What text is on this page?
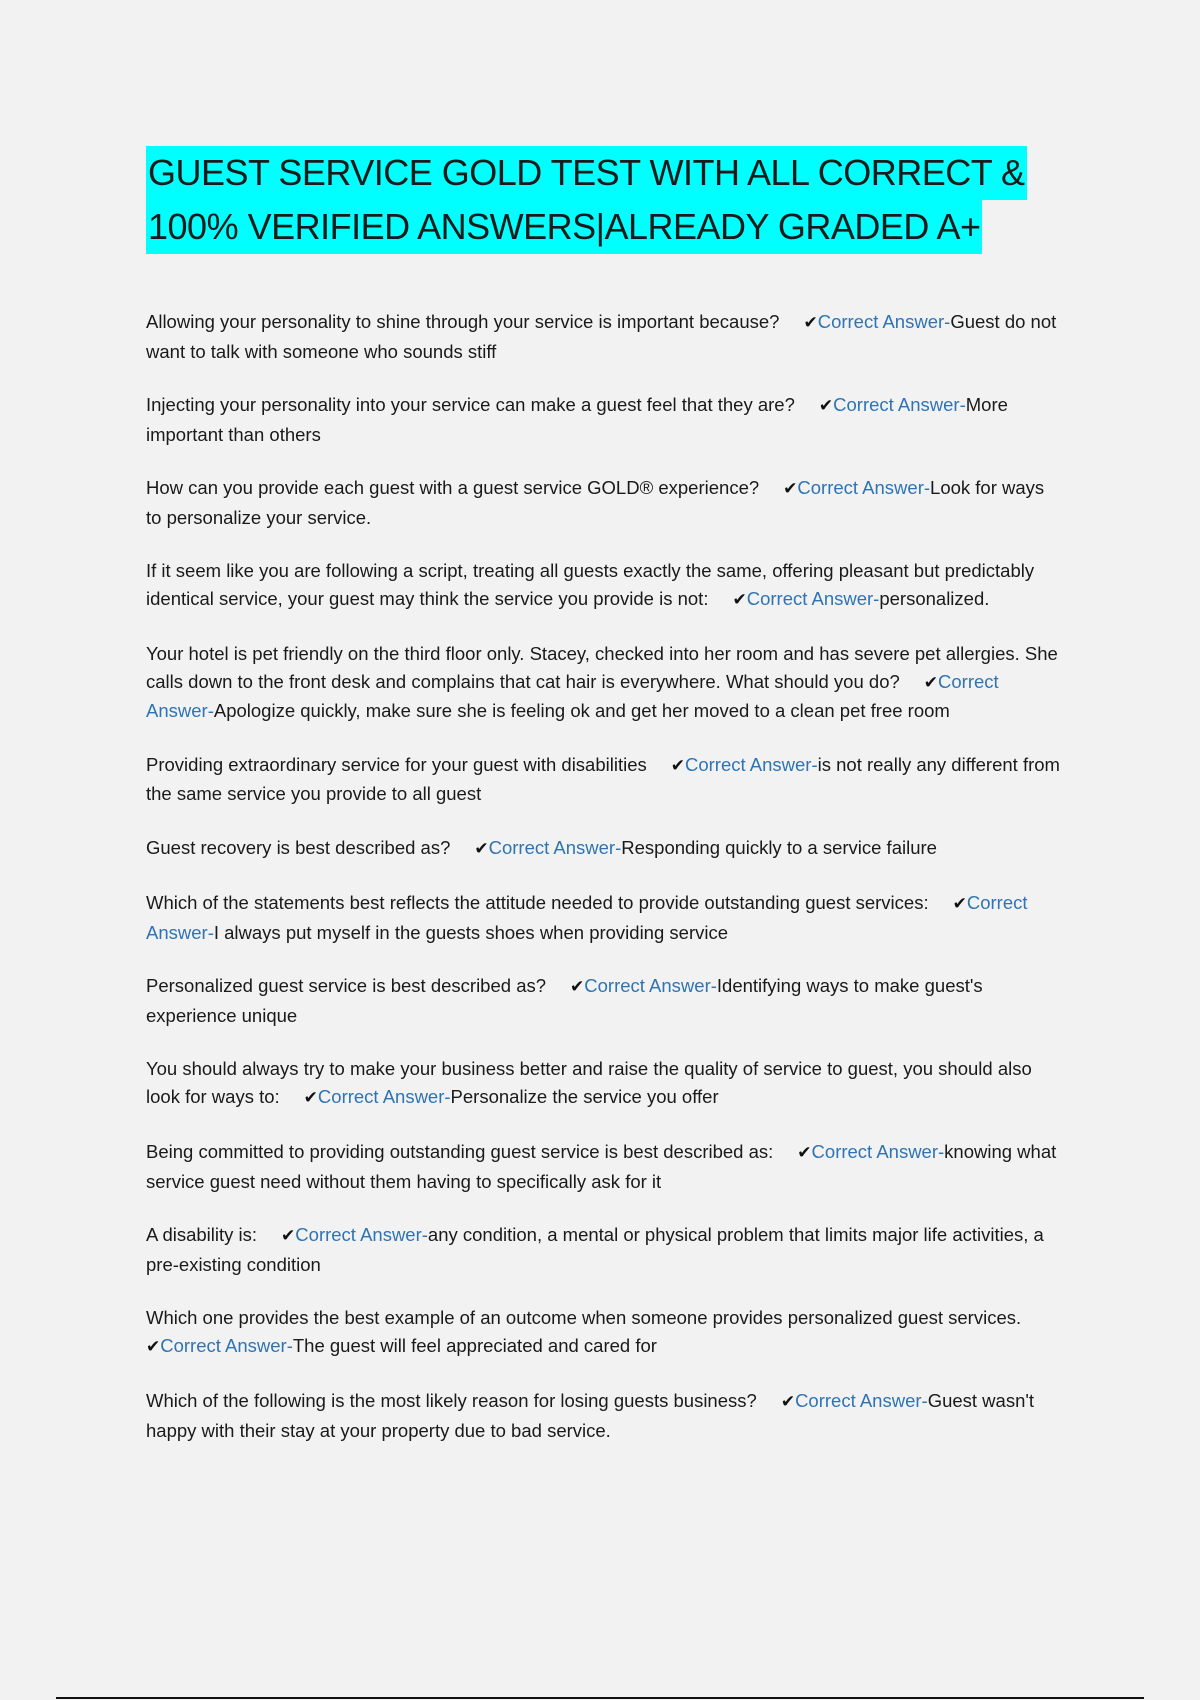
GUEST SERVICE GOLD TEST WITH ALL CORRECT &
100% VERIFIED ANSWERS|ALREADY GRADED A+

Allowing your personality to shine through your service is important because? ✔Correct Answer-Guest do not want to talk with someone who sounds stiff

Injecting your personality into your service can make a guest feel that they are? ✔Correct Answer-More important than others

How can you provide each guest with a guest service GOLD® experience? ✔Correct Answer-Look for ways to personalize your service.

If it seem like you are following a script, treating all guests exactly the same, offering pleasant but predictably identical service, your guest may think the service you provide is not: ✔Correct Answer-personalized.

Your hotel is pet friendly on the third floor only. Stacey, checked into her room and has severe pet allergies. She calls down to the front desk and complains that cat hair is everywhere. What should you do? ✔Correct Answer-Apologize quickly, make sure she is feeling ok and get her moved to a clean pet free room

Providing extraordinary service for your guest with disabilities ✔Correct Answer-is not really any different from the same service you provide to all guest

Guest recovery is best described as? ✔Correct Answer-Responding quickly to a service failure

Which of the statements best reflects the attitude needed to provide outstanding guest services: ✔Correct Answer-I always put myself in the guests shoes when providing service

Personalized guest service is best described as? ✔Correct Answer-Identifying ways to make guest's experience unique

You should always try to make your business better and raise the quality of service to guest, you should also look for ways to: ✔Correct Answer-Personalize the service you offer

Being committed to providing outstanding guest service is best described as: ✔Correct Answer-knowing what service guest need without them having to specifically ask for it

A disability is: ✔Correct Answer-any condition, a mental or physical problem that limits major life activities, a pre-existing condition

Which one provides the best example of an outcome when someone provides personalized guest services.✔Correct Answer-The guest will feel appreciated and cared for

Which of the following is the most likely reason for losing guests business? ✔Correct Answer-Guest wasn't happy with their stay at your property due to bad service.
